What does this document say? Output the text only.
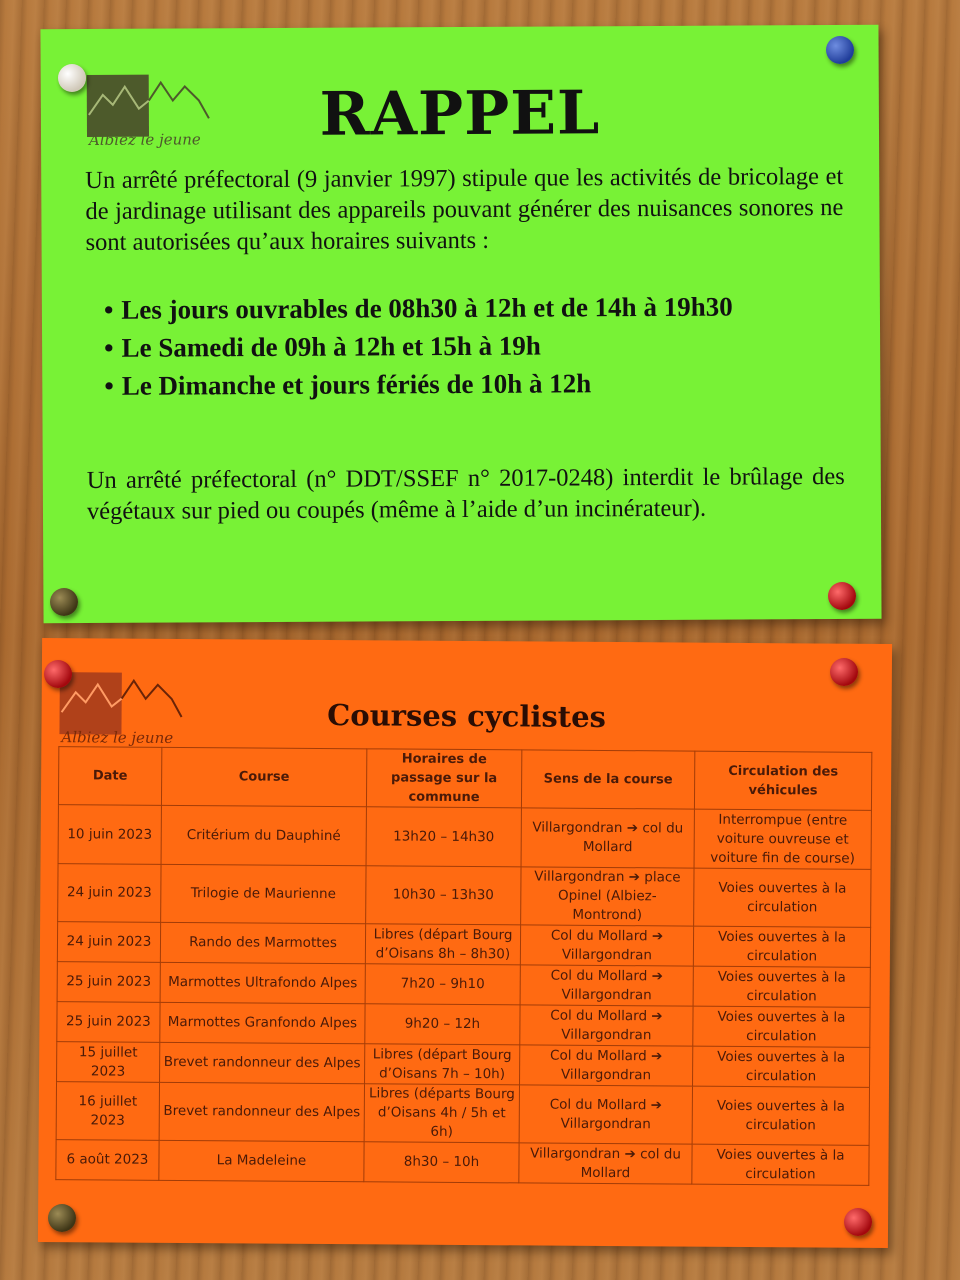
Albiez le jeune	RAPPEL

Un arrêté préfectoral (9 janvier 1997) stipule que les activités de bricolage et de jardinage utilisant des appareils pouvant générer des nuisances sonores ne sont autorisées qu’aux horaires suivants :

• Les jours ouvrables de 08h30 à 12h et de 14h à 19h30
• Le Samedi de 09h à 12h et 15h à 19h
• Le Dimanche et jours fériés de 10h à 12h

Un arrêté préfectoral (n° DDT/SSEF n° 2017-0248) interdit le brûlage des végétaux sur pied ou coupés (même à l’aide d’un incinérateur).

Albiez le jeune
Courses cyclistes
Date	Course	Horaires de passage sur la commune	Sens de la course	Circulation des véhicules
10 juin 2023	Critérium du Dauphiné	13h20 – 14h30	Villargondran ➔ col du Mollard	Interrompue (entre voiture ouvreuse et voiture fin de course)
24 juin 2023	Trilogie de Maurienne	10h30 – 13h30	Villargondran ➔ place Opinel (Albiez-Montrond)	Voies ouvertes à la circulation
24 juin 2023	Rando des Marmottes	Libres (départ Bourg d’Oisans 8h – 8h30)	Col du Mollard ➔ Villargondran	Voies ouvertes à la circulation
25 juin 2023	Marmottes Ultrafondo Alpes	7h20 – 9h10	Col du Mollard ➔ Villargondran	Voies ouvertes à la circulation
25 juin 2023	Marmottes Granfondo Alpes	9h20 – 12h	Col du Mollard ➔ Villargondran	Voies ouvertes à la circulation
15 juillet 2023	Brevet randonneur des Alpes	Libres (départ Bourg d’Oisans 7h – 10h)	Col du Mollard ➔ Villargondran	Voies ouvertes à la circulation
16 juillet 2023	Brevet randonneur des Alpes	Libres (départs Bourg d’Oisans 4h / 5h et 6h)	Col du Mollard ➔ Villargondran	Voies ouvertes à la circulation
6 août 2023	La Madeleine	8h30 – 10h	Villargondran ➔ col du Mollard	Voies ouvertes à la circulation
